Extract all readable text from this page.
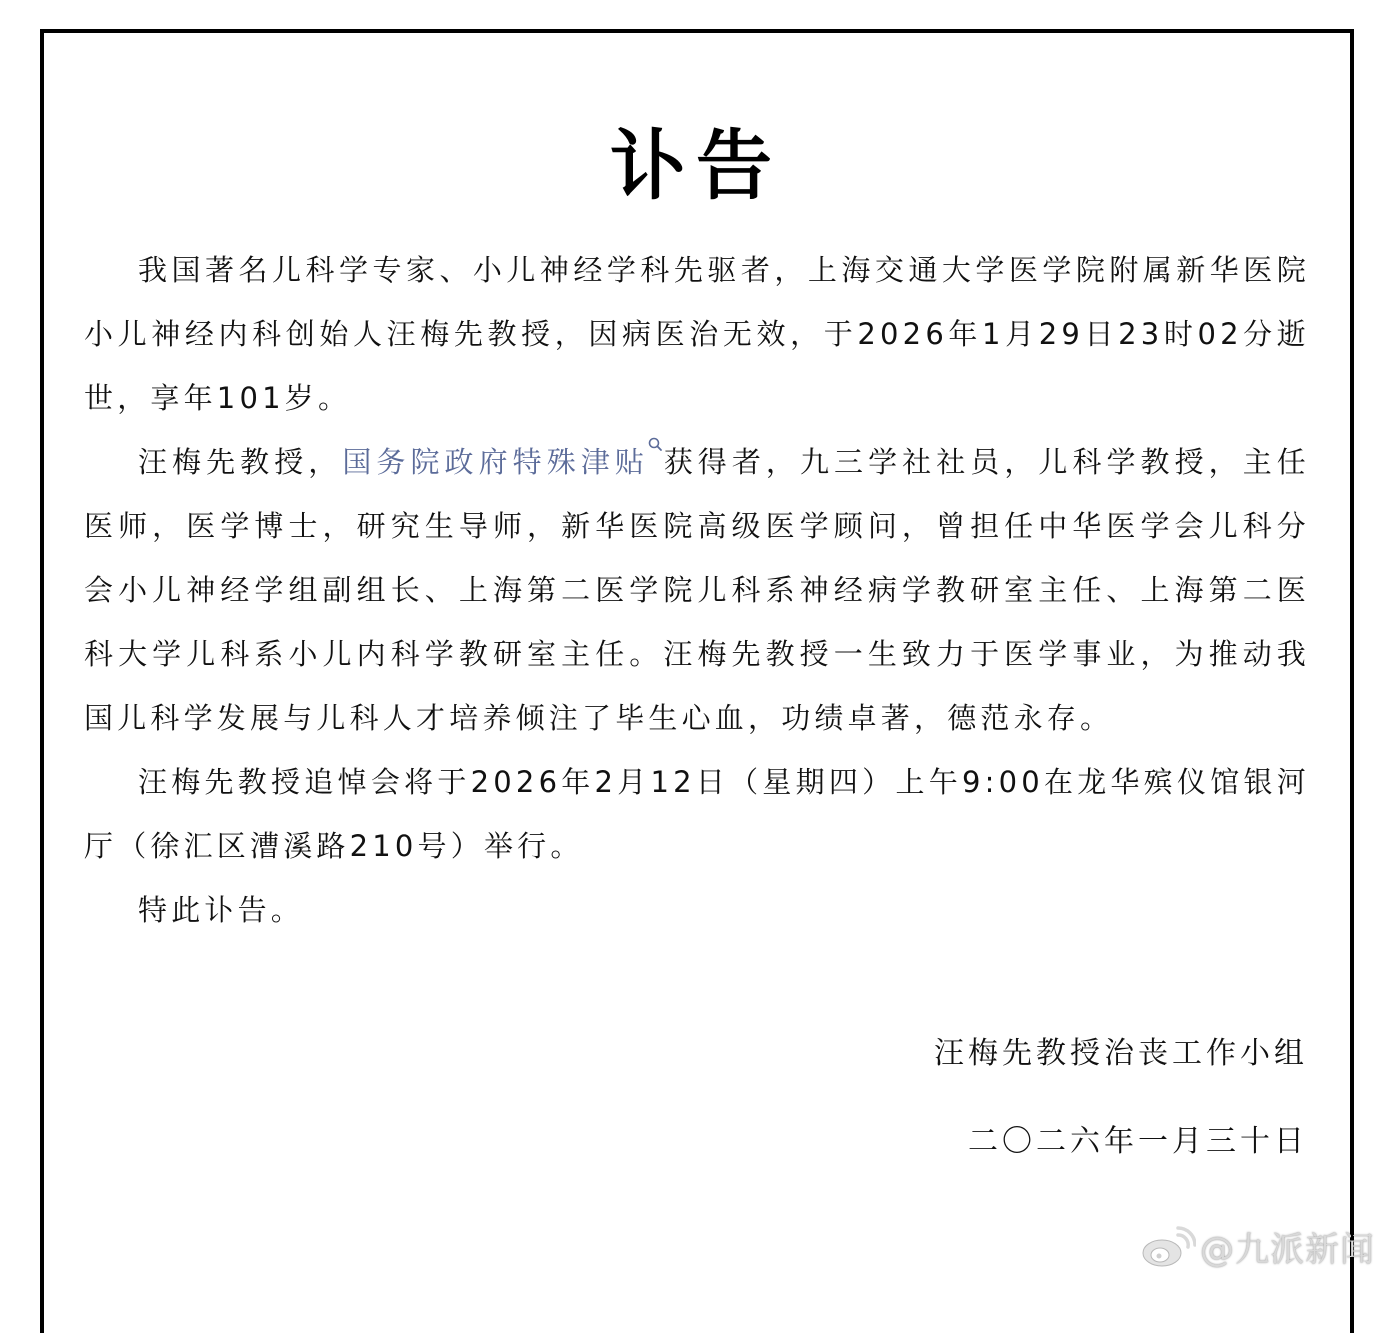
讣告

我国著名儿科学专家、小儿神经学科先驱者，上海交通大学医学院附属新华医院小儿神经内科创始人汪梅先教授，因病医治无效，于2026年1月29日23时02分逝世，享年101岁。

汪梅先教授，国务院政府特殊津贴 获得者，九三学社社员，儿科学教授，主任医师，医学博士，研究生导师，新华医院高级医学顾问，曾担任中华医学会儿科分会小儿神经学组副组长、上海第二医学院儿科系神经病学教研室主任、上海第二医科大学儿科系小儿内科学教研室主任。汪梅先教授一生致力于医学事业，为推动我国儿科学发展与儿科人才培养倾注了毕生心血，功绩卓著，德范永存。

汪梅先教授追悼会将于2026年2月12日（星期四）上午9:00在龙华殡仪馆银河厅（徐汇区漕溪路210号）举行。

特此讣告。

汪梅先教授治丧工作小组
二〇二六年一月三十日
@九派新闻
